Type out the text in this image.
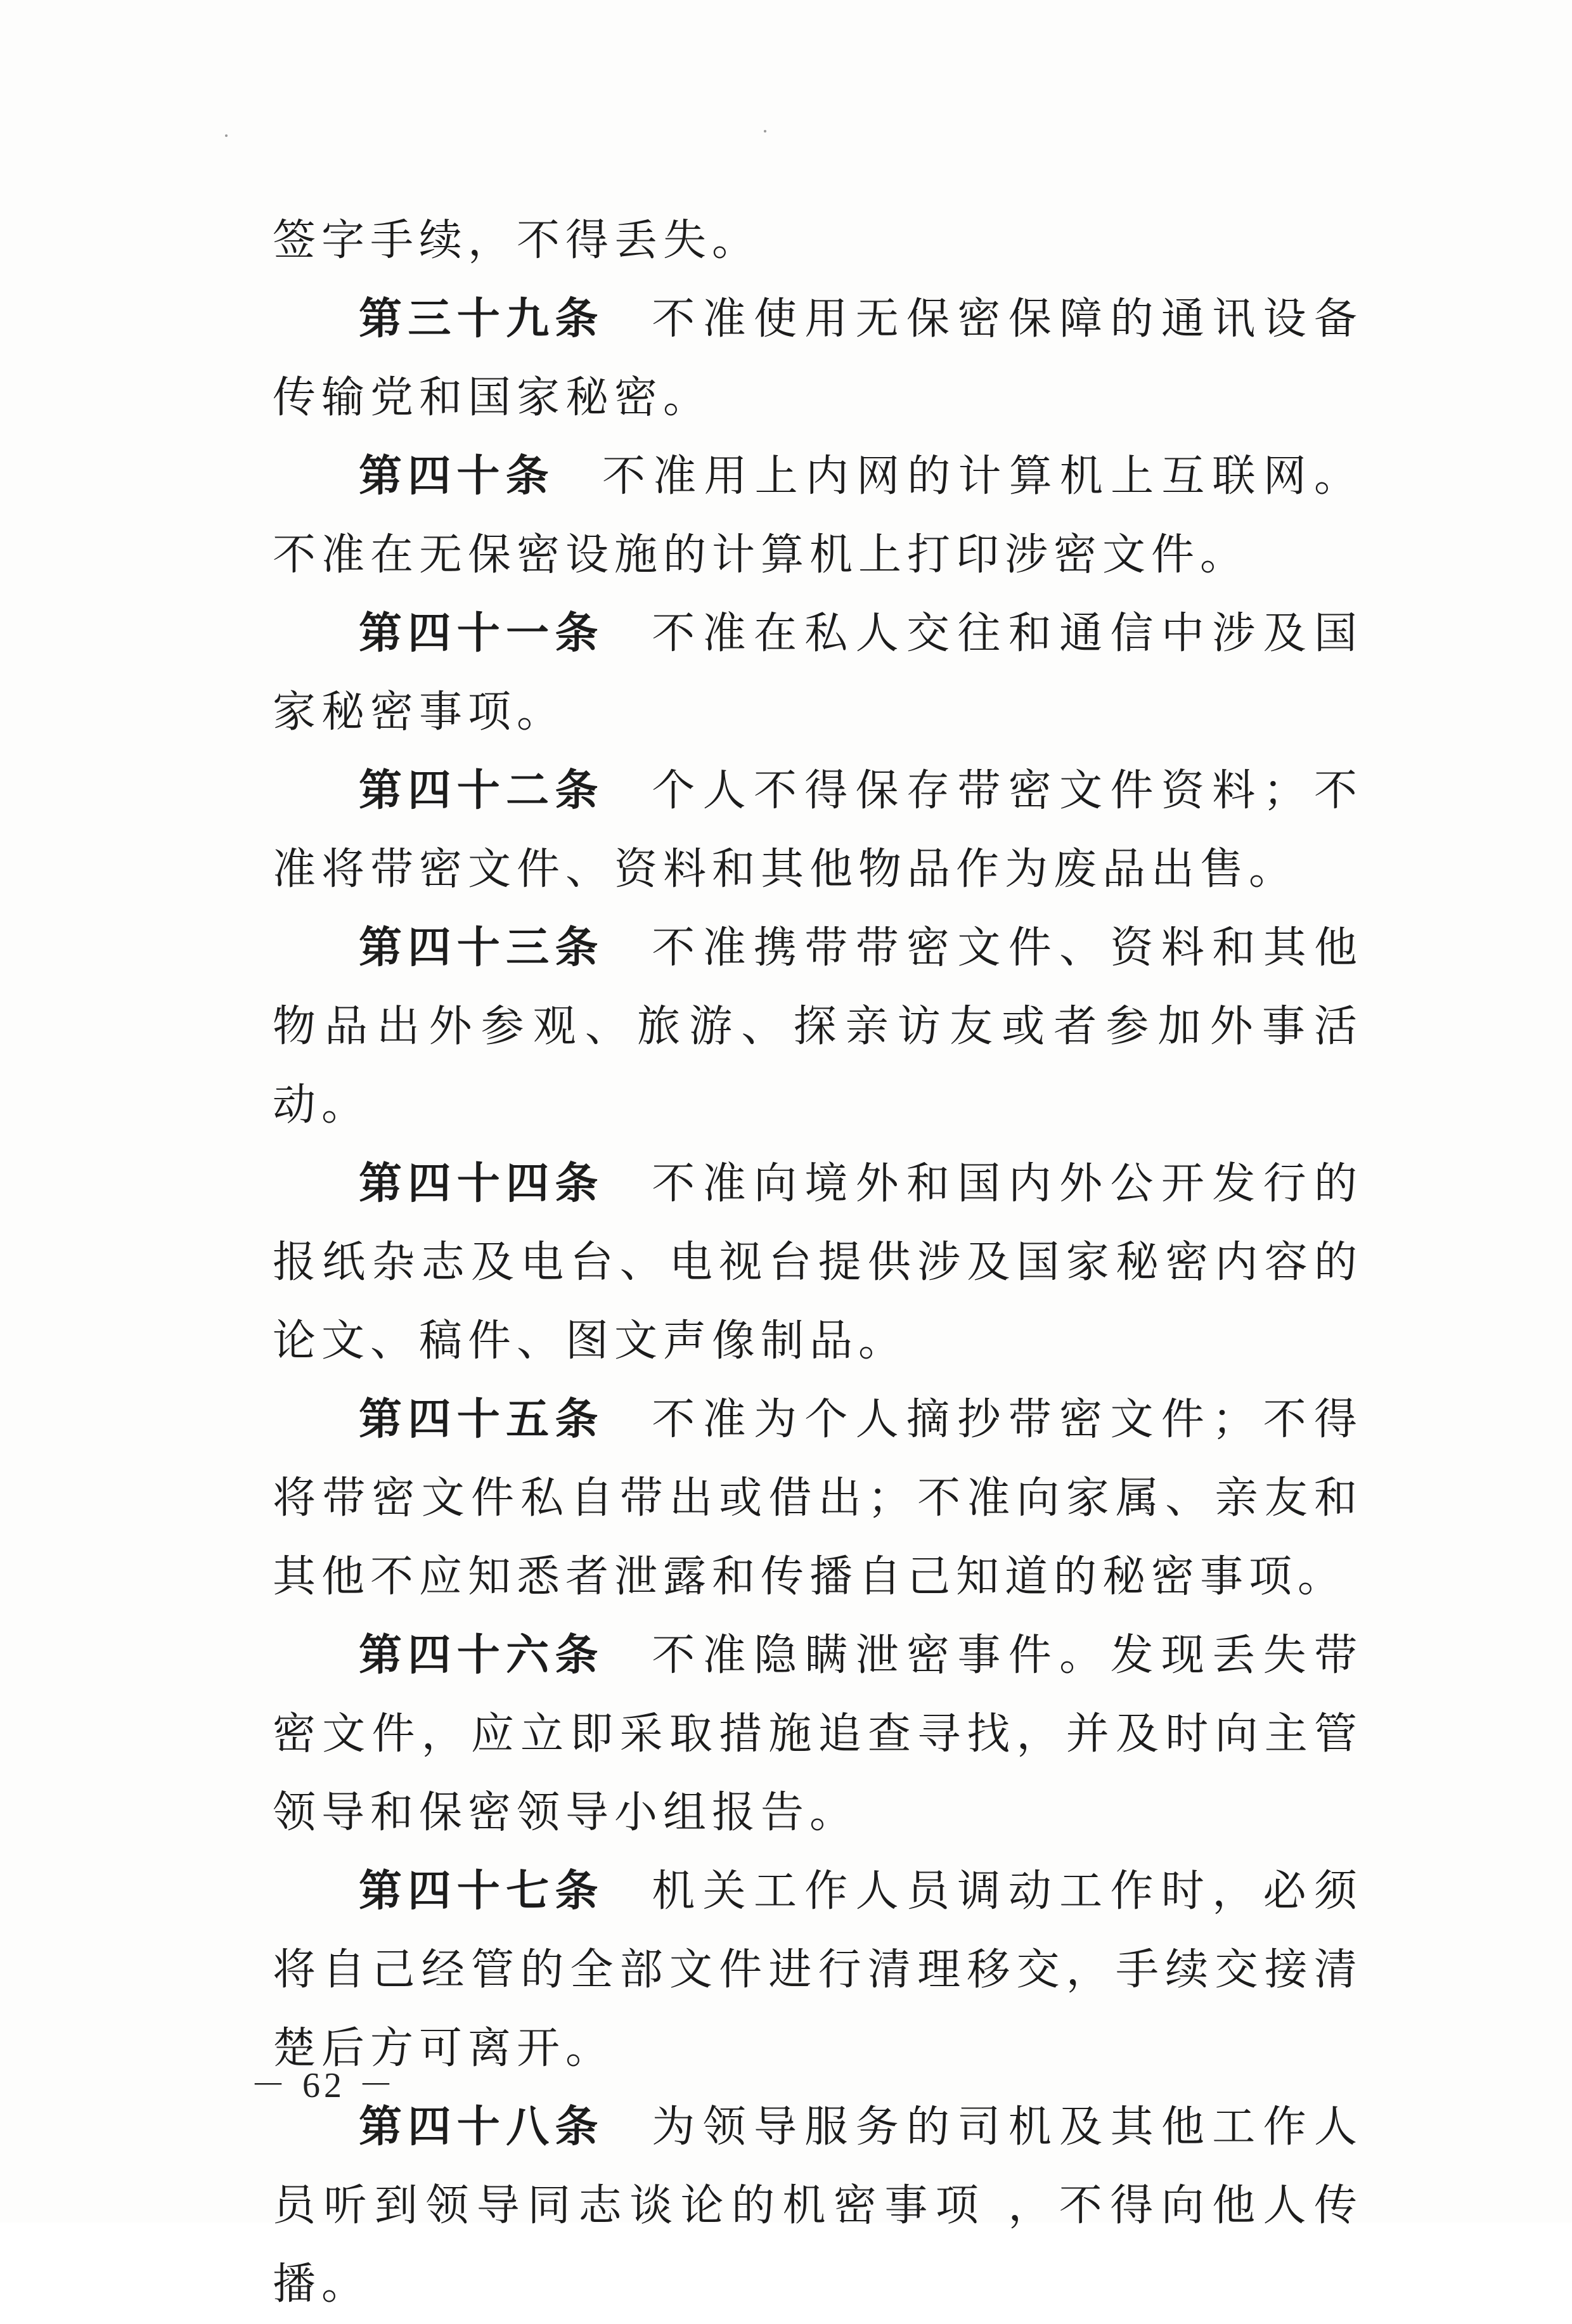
签字手续，不得丢失。

第三十九条 不准使用无保密保障的通讯设备传输党和国家秘密。

第四十条 不准用上内网的计算机上互联网。不准在无保密设施的计算机上打印涉密文件。

第四十一条 不准在私人交往和通信中涉及国家秘密事项。

第四十二条 个人不得保存带密文件资料；不准将带密文件、资料和其他物品作为废品出售。

第四十三条 不准携带带密文件、资料和其他物品出外参观、旅游、探亲访友或者参加外事活动。

第四十四条 不准向境外和国内外公开发行的报纸杂志及电台、电视台提供涉及国家秘密内容的论文、稿件、图文声像制品。

第四十五条 不准为个人摘抄带密文件；不得将带密文件私自带出或借出；不准向家属、亲友和其他不应知悉者泄露和传播自己知道的秘密事项。

第四十六条 不准隐瞒泄密事件。发现丢失带密文件，应立即采取措施追查寻找，并及时向主管领导和保密领导小组报告。

第四十七条 机关工作人员调动工作时，必须将自己经管的全部文件进行清理移交，手续交接清楚后方可离开。

第四十八条 为领导服务的司机及其他工作人员听到领导同志谈论的机密事项 ，不得向他人传播。

－ 62 －
